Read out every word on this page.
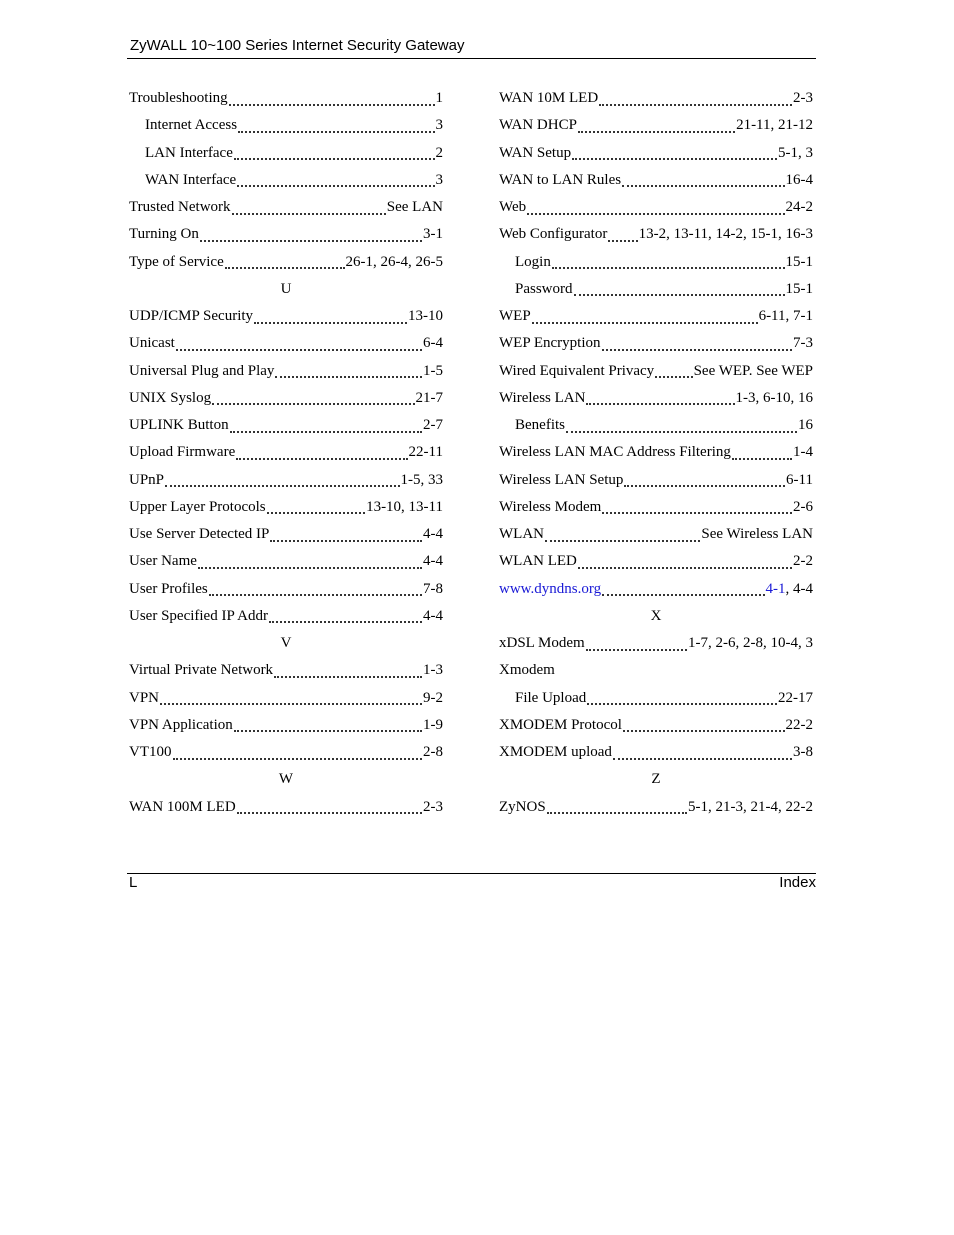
ZyWALL 10~100 Series Internet Security Gateway
Troubleshooting	1
Internet Access	3
LAN Interface	2
WAN Interface	3
Trusted Network	See LAN
Turning On	3-1
Type of Service	26-1, 26-4, 26-5
U
UDP/ICMP Security	13-10
Unicast	6-4
Universal Plug and Play	1-5
UNIX Syslog	21-7
UPLINK Button	2-7
Upload Firmware	22-11
UPnP	1-5, 33
Upper Layer Protocols	13-10, 13-11
Use Server Detected IP	4-4
User Name	4-4
User Profiles	7-8
User Specified IP Addr	4-4
V
Virtual Private Network	1-3
VPN	9-2
VPN Application	1-9
VT100	2-8
W
WAN 100M LED	2-3
WAN 10M LED	2-3
WAN DHCP	21-11, 21-12
WAN Setup	5-1, 3
WAN to LAN Rules	16-4
Web	24-2
Web Configurator 13-2, 13-11, 14-2, 15-1, 16-3
Login	15-1
Password	15-1
WEP	6-11, 7-1
WEP Encryption	7-3
Wired Equivalent Privacy	See WEP. See WEP
Wireless LAN	1-3, 6-10, 16
Benefits	16
Wireless LAN MAC Address Filtering	1-4
Wireless LAN Setup	6-11
Wireless Modem	2-6
WLAN	See Wireless LAN
WLAN LED	2-2
www.dyndns.org	4-1, 4-4
X
xDSL Modem	1-7, 2-6, 2-8, 10-4, 3
Xmodem
File Upload	22-17
XMODEM Protocol	22-2
XMODEM upload	3-8
Z
ZyNOS	5-1, 21-3, 21-4, 22-2
L	Index
